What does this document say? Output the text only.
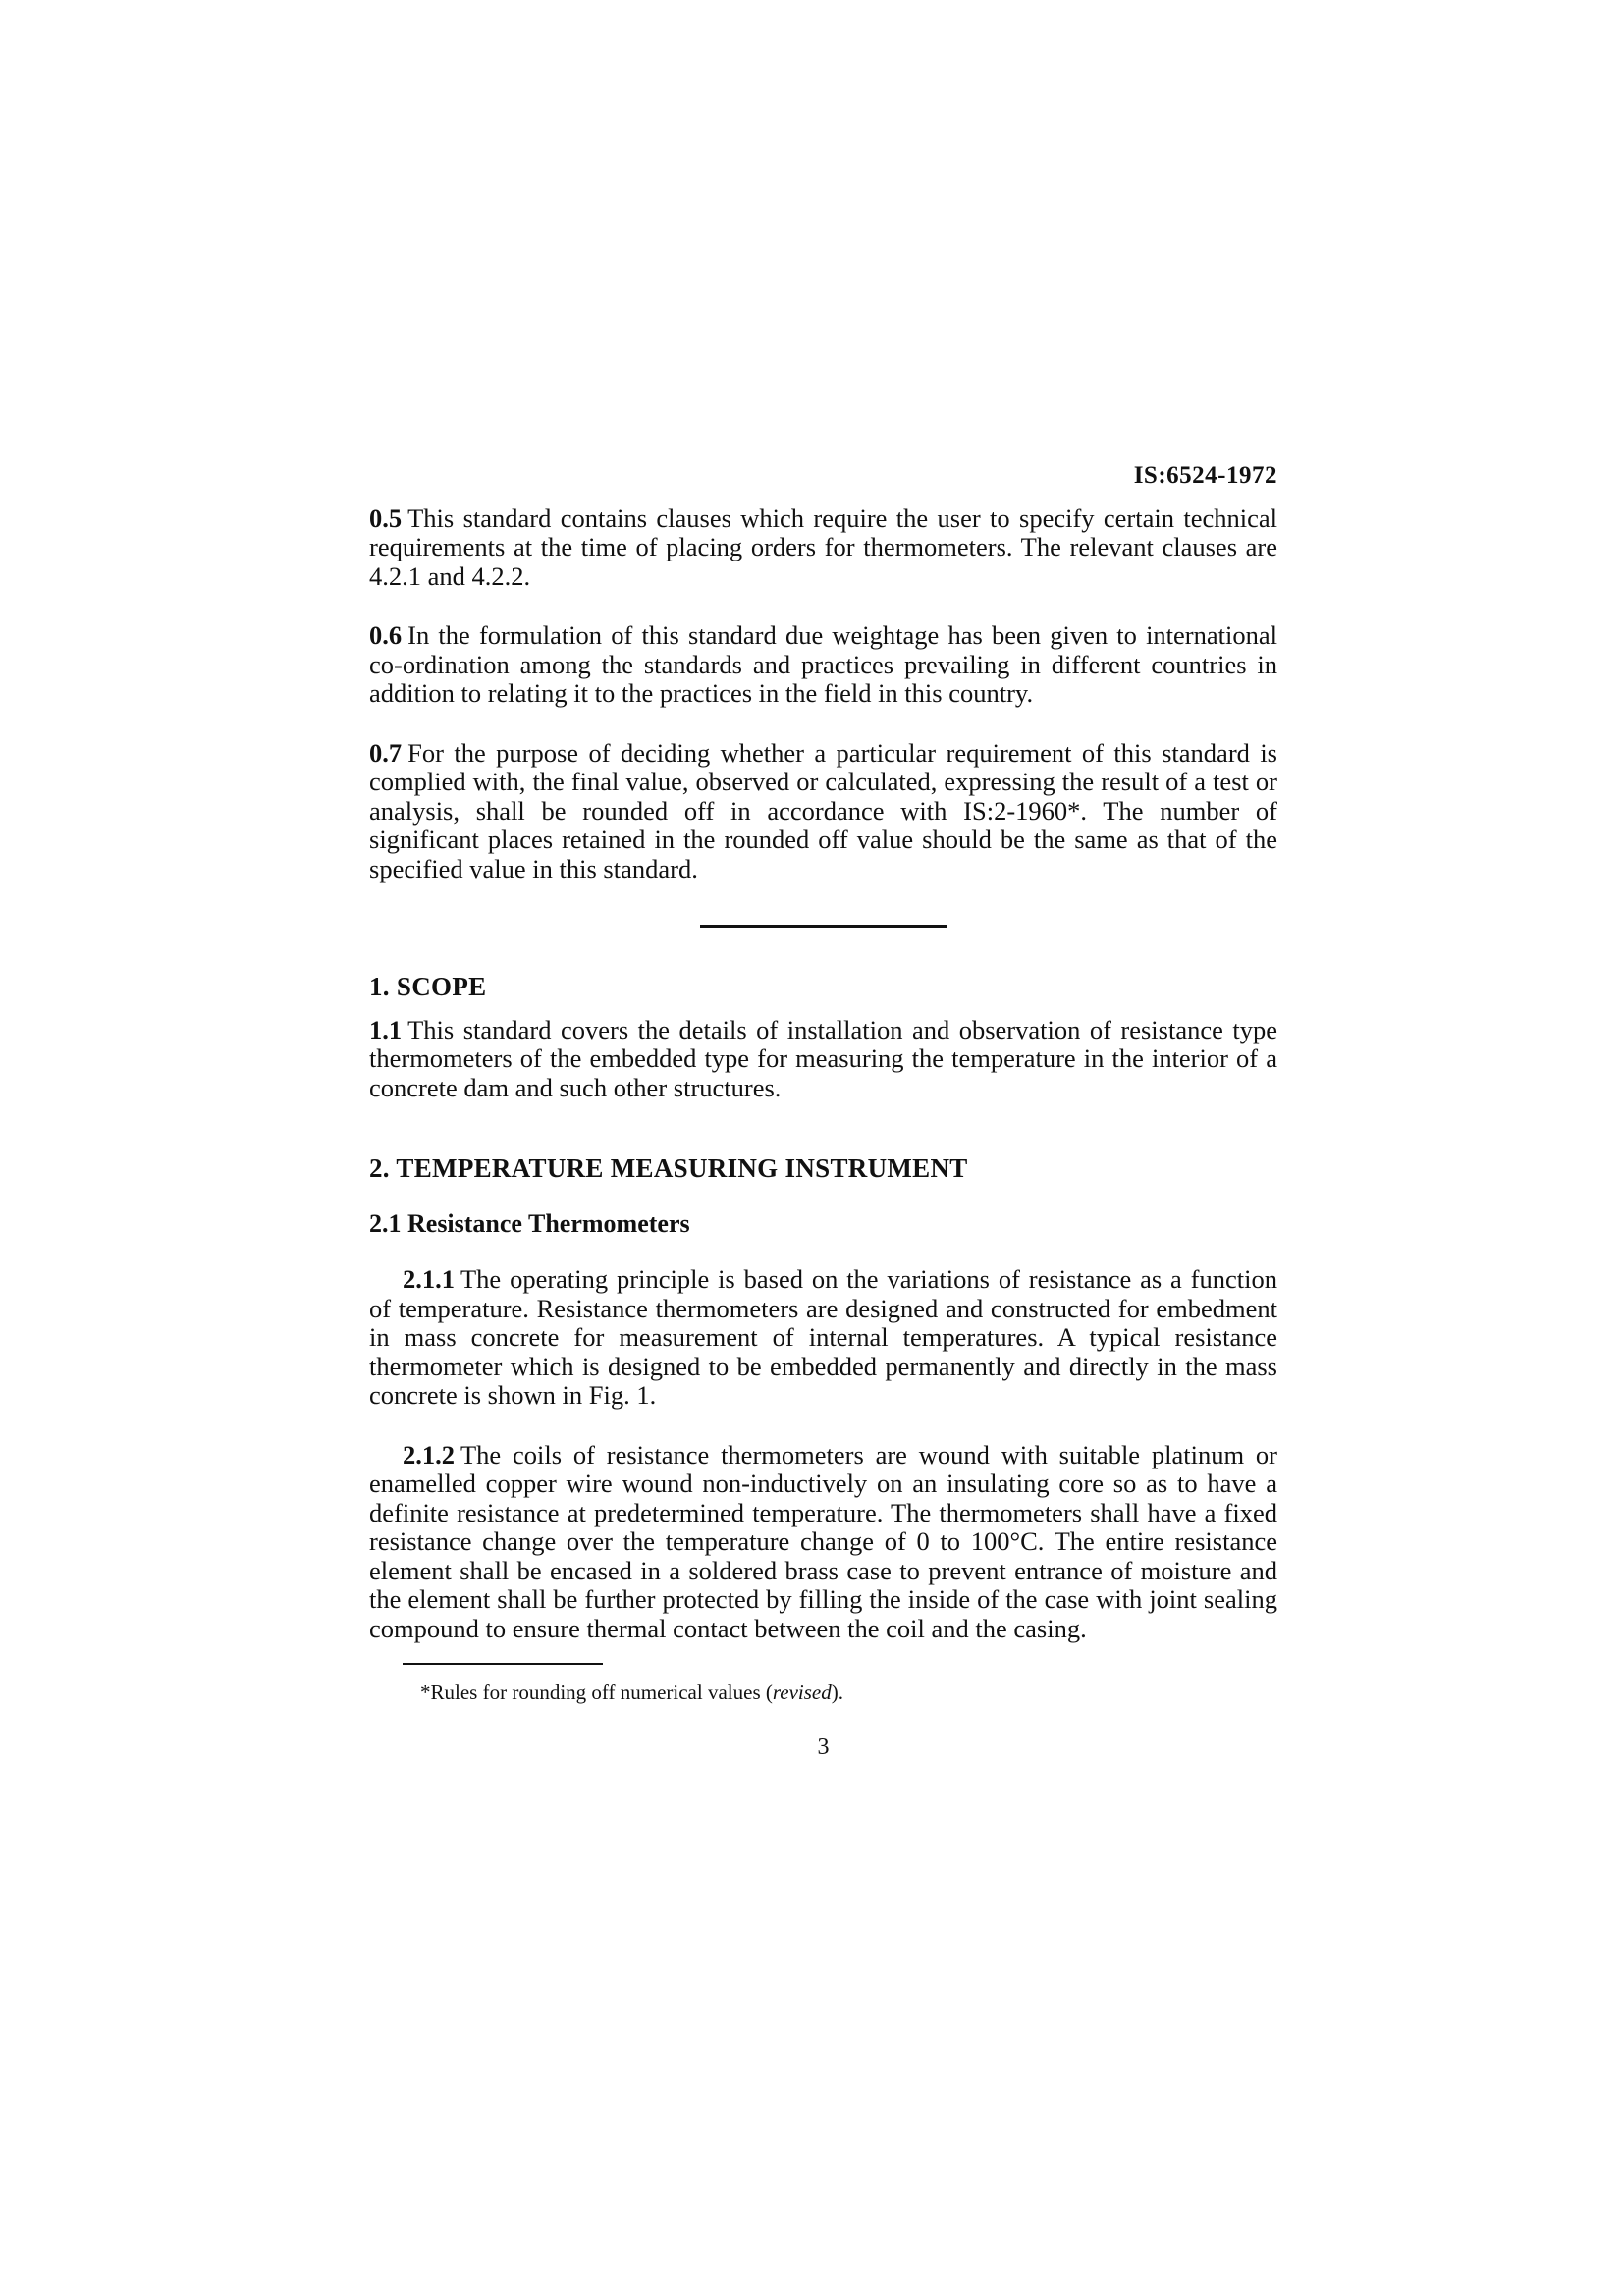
IS:6524-1972

0.5 This standard contains clauses which require the user to specify certain technical requirements at the time of placing orders for thermometers. The relevant clauses are 4.2.1 and 4.2.2.

0.6 In the formulation of this standard due weightage has been given to international co-ordination among the standards and practices prevailing in different countries in addition to relating it to the practices in the field in this country.

0.7 For the purpose of deciding whether a particular requirement of this standard is complied with, the final value, observed or calculated, expressing the result of a test or analysis, shall be rounded off in accordance with IS:2-1960*. The number of significant places retained in the rounded off value should be the same as that of the specified value in this standard.

1. SCOPE

1.1 This standard covers the details of installation and observation of resistance type thermometers of the embedded type for measuring the temperature in the interior of a concrete dam and such other structures.

2. TEMPERATURE MEASURING INSTRUMENT
2.1 Resistance Thermometers

2.1.1 The operating principle is based on the variations of resistance as a function of temperature. Resistance thermometers are designed and constructed for embedment in mass concrete for measurement of internal temperatures. A typical resistance thermometer which is designed to be embedded permanently and directly in the mass concrete is shown in Fig. 1.

2.1.2 The coils of resistance thermometers are wound with suitable platinum or enamelled copper wire wound non-inductively on an insulating core so as to have a definite resistance at predetermined temperature. The thermometers shall have a fixed resistance change over the temperature change of 0 to 100°C. The entire resistance element shall be encased in a soldered brass case to prevent entrance of moisture and the element shall be further protected by filling the inside of the case with joint sealing compound to ensure thermal contact between the coil and the casing.

*Rules for rounding off numerical values (revised).
3
